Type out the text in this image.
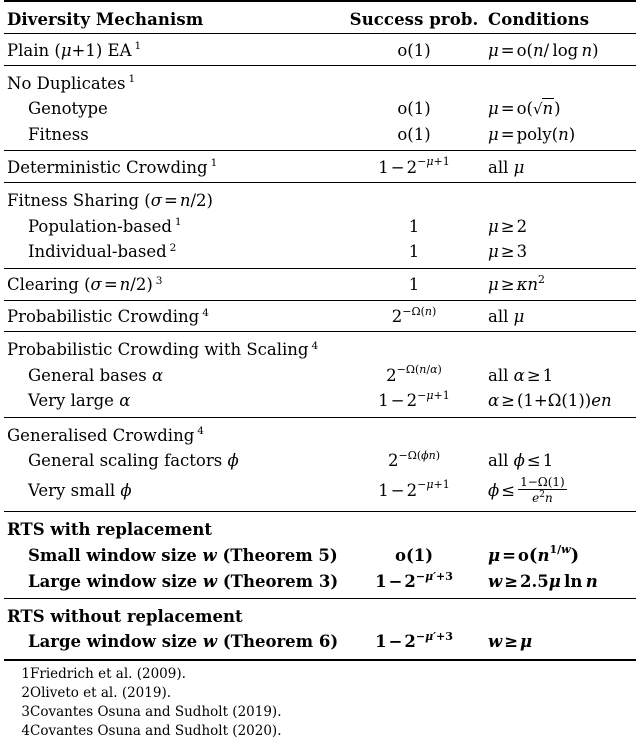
Diversity Mechanism	Success prob.	Conditions

Plain (μ+1) EA $^1$	o(1)	μ = o(n/ log  n)

No Duplicates $^1$		
Genotype	o(1)	μ = o(√n)
Fitness	o(1)	μ = poly(n)

Deterministic Crowding $^1$	$1 - 2^{-\mu+1}$	all μ

Fitness Sharing (σ = n/2)		
Population-based $^1$	1	μ ≥ 2
Individual-based $^2$	1	μ ≥ 3

Clearing (σ = n/2) $^3$	1	$\mu \ge \kappa n^2$

Probabilistic Crowding $^4$	$2^{-\Omega(n)}$	all μ

Probabilistic Crowding with Scaling $^4$		
General bases α	$2^{-\Omega(n/\alpha)}$	all α ≥ 1
Very large α	$1 - 2^{-\mu+1}$	α ≥ (1+Ω(1))en

Generalised Crowding $^4$		
General scaling factors ϕ	$2^{-\Omega(\phi n)}$	all ϕ ≤ 1
Very small ϕ	$1 - 2^{-\mu+1}$	$\phi \le \frac{1-\Omega(1)}{e^2n}$

RTS with replacement		
Small window size w (Theorem 5)	o(1)	$\mu = o(n^{1/w})$
Large window size w (Theorem 3)	$1 - 2^{-\mu'+3}$	w ≥ 2.5μ  ln  n

RTS without replacement		
Large window size w (Theorem 6)	$1 - 2^{-\mu'+3}$	w ≥ μ

1	Friedrich et al. (2009).
2	Oliveto et al. (2019).
3	Covantes Osuna and Sudholt (2019).
4	Covantes Osuna and Sudholt (2020).
